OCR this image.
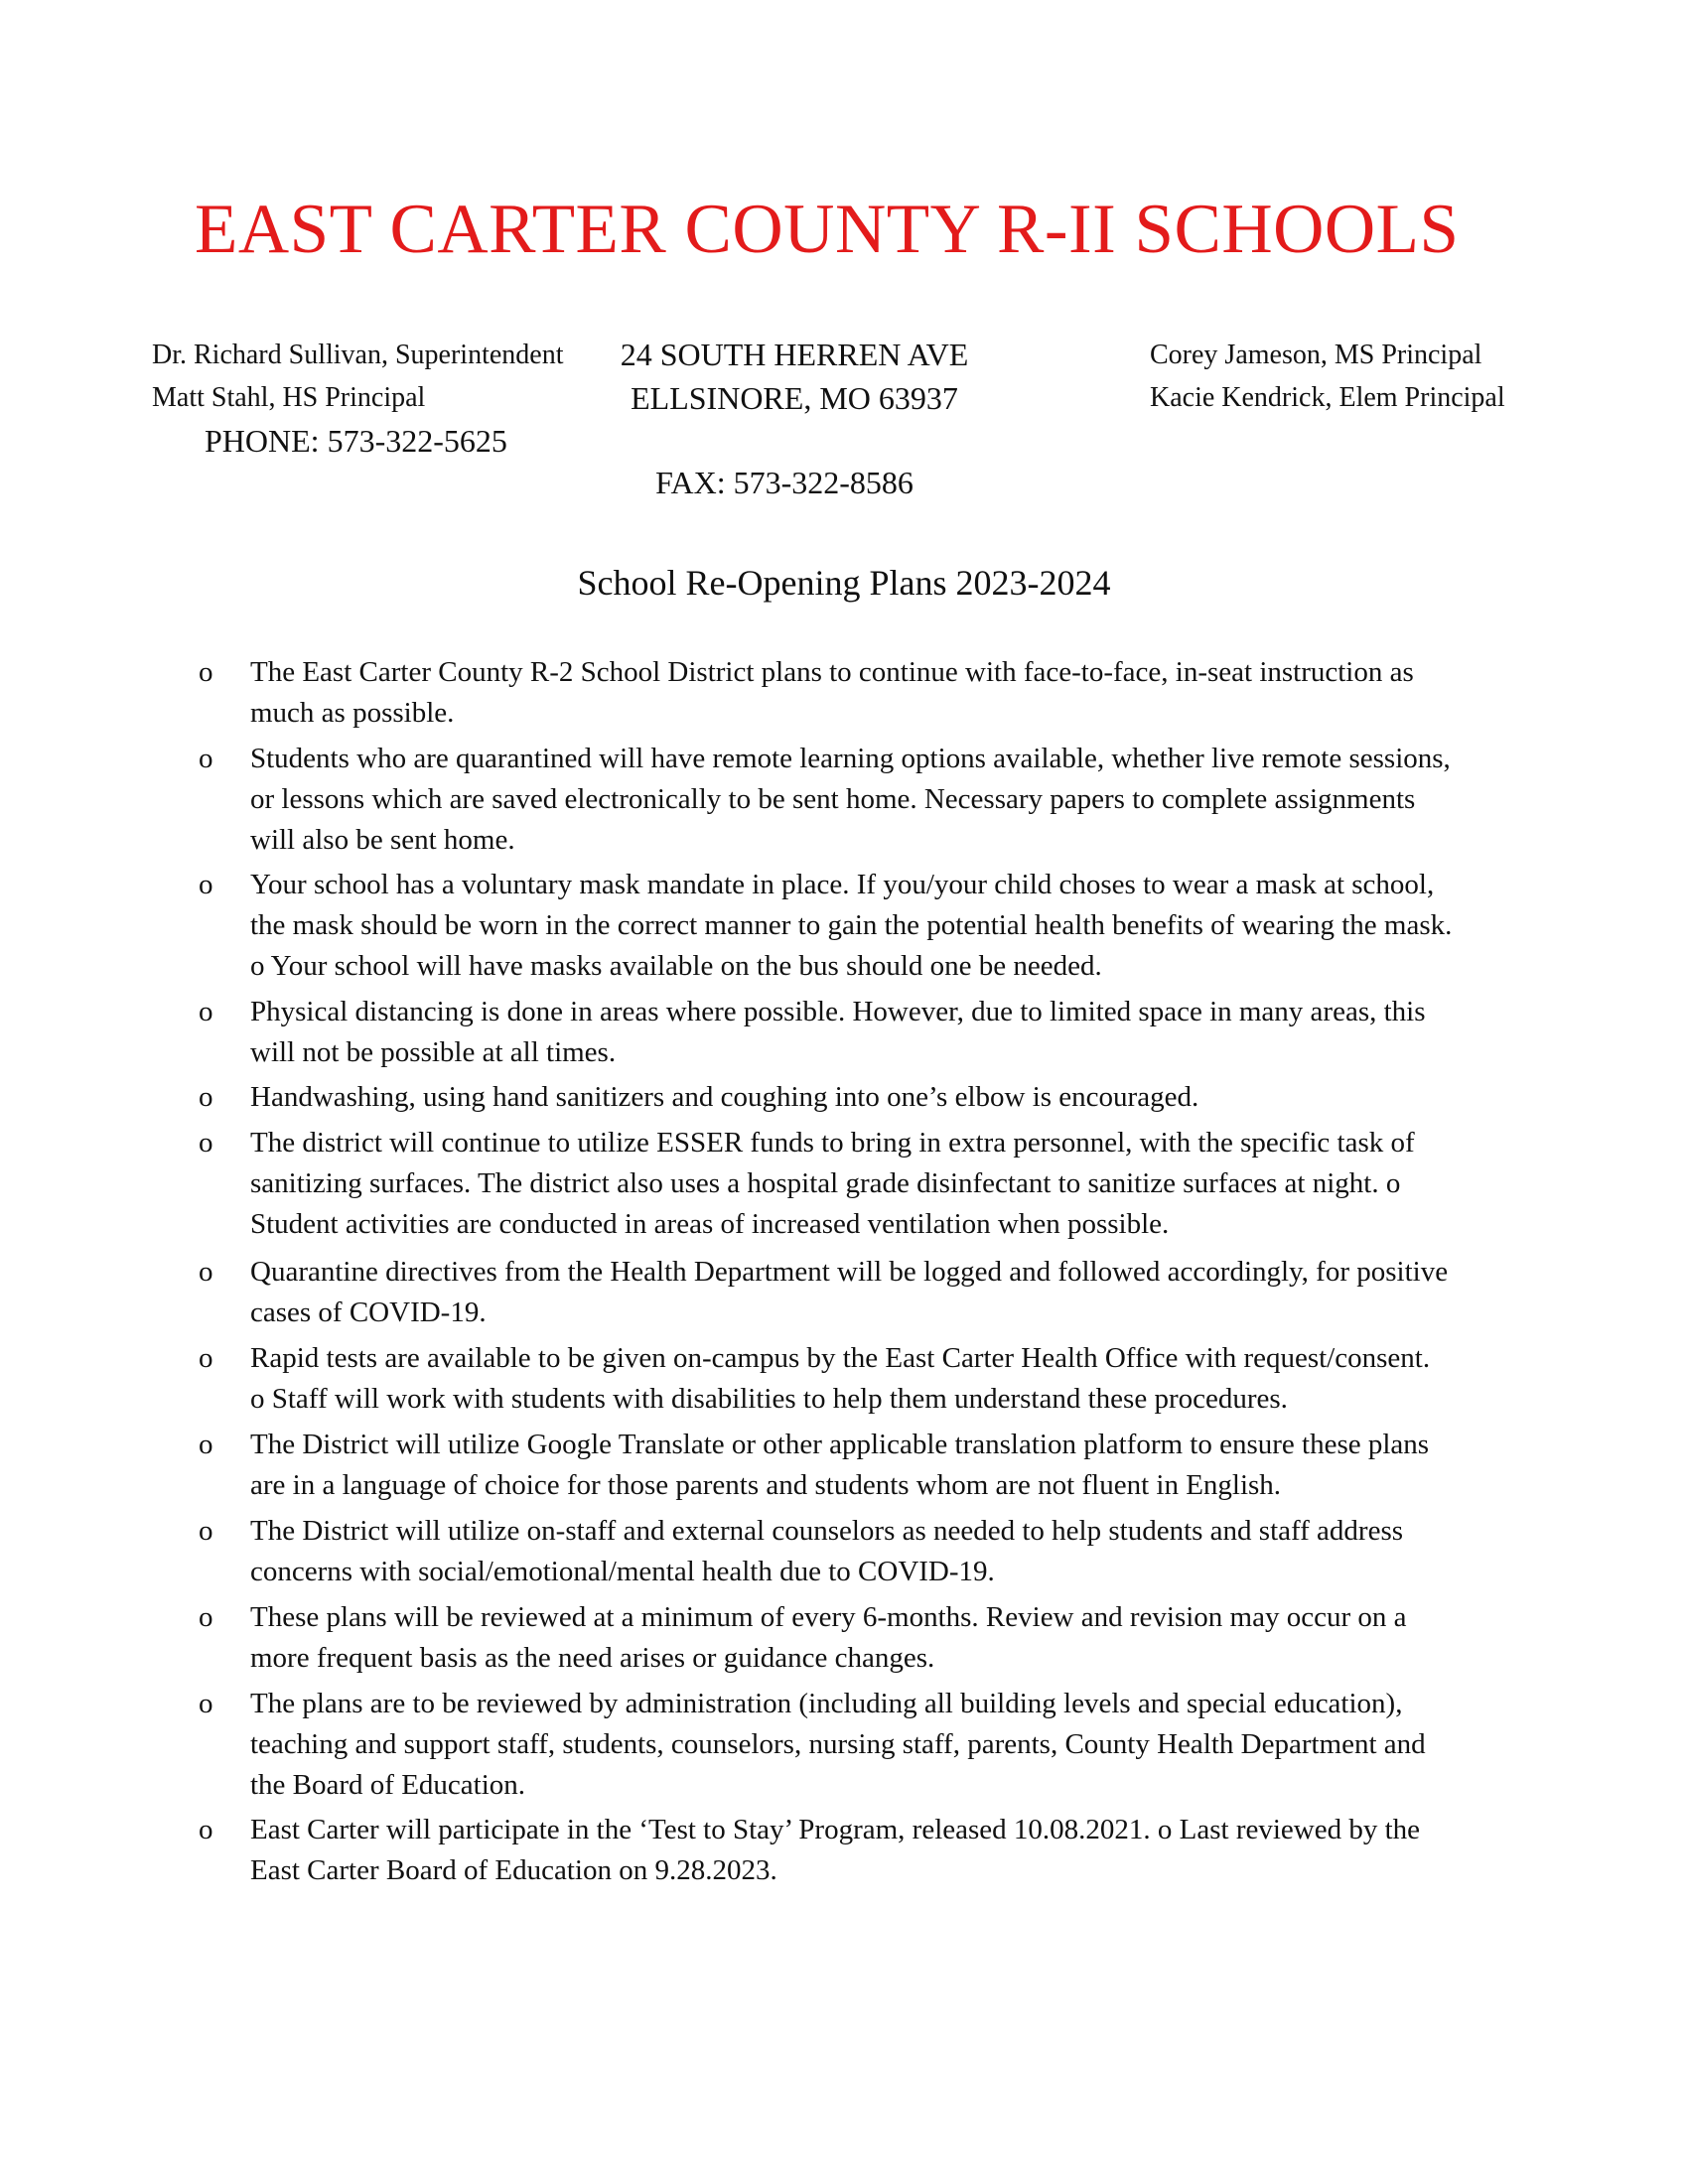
EAST CARTER COUNTY R-II SCHOOLS
Dr. Richard Sullivan, Superintendent
Matt Stahl, HS Principal
PHONE: 573-322-5625
24 SOUTH HERREN AVE
ELLSINORE, MO 63937
FAX: 573-322-8586
Corey Jameson, MS Principal
Kacie Kendrick, Elem Principal
School Re-Opening Plans 2023-2024
o The East Carter County R-2 School District plans to continue with face-to-face, in-seat instruction as
much as possible.
o Students who are quarantined will have remote learning options available, whether live remote sessions,
or lessons which are saved electronically to be sent home. Necessary papers to complete assignments
will also be sent home.
o Your school has a voluntary mask mandate in place. If you/your child choses to wear a mask at school,
the mask should be worn in the correct manner to gain the potential health benefits of wearing the mask.
o Your school will have masks available on the bus should one be needed.
o Physical distancing is done in areas where possible. However, due to limited space in many areas, this
will not be possible at all times.
o Handwashing, using hand sanitizers and coughing into one’s elbow is encouraged.
o The district will continue to utilize ESSER funds to bring in extra personnel, with the specific task of
sanitizing surfaces. The district also uses a hospital grade disinfectant to sanitize surfaces at night. o
Student activities are conducted in areas of increased ventilation when possible.
o Quarantine directives from the Health Department will be logged and followed accordingly, for positive
cases of COVID-19.
o Rapid tests are available to be given on-campus by the East Carter Health Office with request/consent.
o Staff will work with students with disabilities to help them understand these procedures.
o The District will utilize Google Translate or other applicable translation platform to ensure these plans
are in a language of choice for those parents and students whom are not fluent in English.
o The District will utilize on-staff and external counselors as needed to help students and staff address
concerns with social/emotional/mental health due to COVID-19.
o These plans will be reviewed at a minimum of every 6-months. Review and revision may occur on a
more frequent basis as the need arises or guidance changes.
o The plans are to be reviewed by administration (including all building levels and special education),
teaching and support staff, students, counselors, nursing staff, parents, County Health Department and
the Board of Education.
o East Carter will participate in the ‘Test to Stay’ Program, released 10.08.2021. o Last reviewed by the
East Carter Board of Education on 9.28.2023.
